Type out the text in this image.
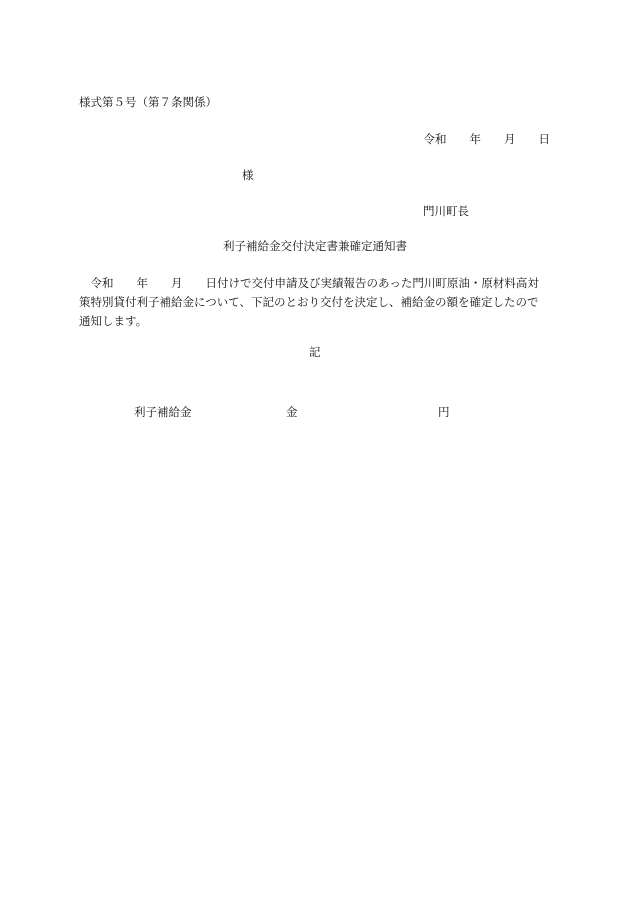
様式第５号（第７条関係）
令和　　年　　月　　日
様
門川町長
利子補給金交付決定書兼確定通知書
　令和　　年　　月　　日付けで交付申請及び実績報告のあった門川町原油・原材料高対
策特別貸付利子補給金について、下記のとおり交付を決定し、補給金の額を確定したので
通知します。
記
利子補給金	金	円
